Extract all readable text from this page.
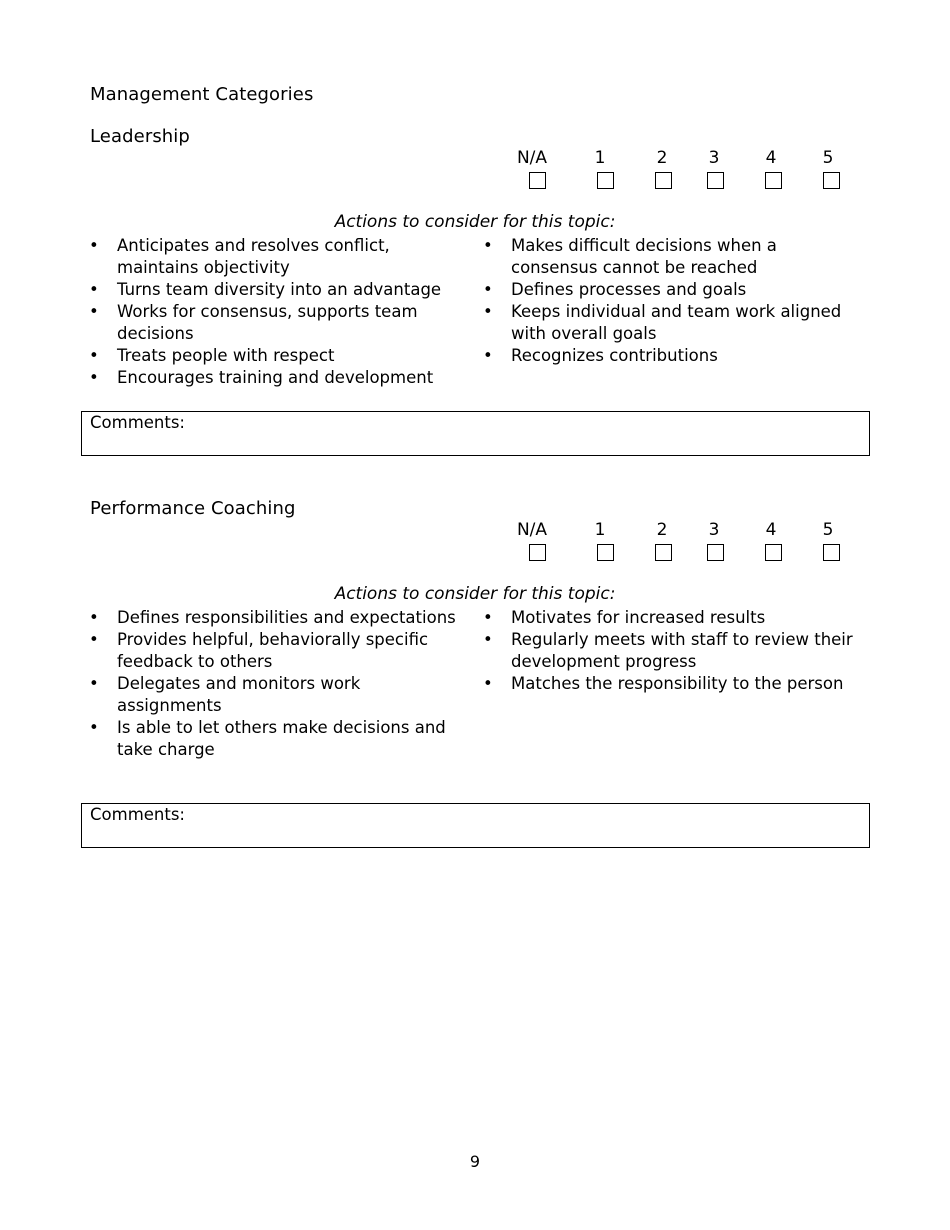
Management Categories
Leadership
N/A	1	2	3	4	5
Actions to consider for this topic:
• Anticipates and resolves conflict, maintains objectivity
• Turns team diversity into an advantage
• Works for consensus, supports team decisions
• Treats people with respect
• Encourages training and development
• Makes difficult decisions when a consensus cannot be reached
• Defines processes and goals
• Keeps individual and team work aligned with overall goals
• Recognizes contributions
Comments:
Performance Coaching
N/A	1	2	3	4	5
Actions to consider for this topic:
• Defines responsibilities and expectations
• Provides helpful, behaviorally specific feedback to others
• Delegates and monitors work assignments
• Is able to let others make decisions and take charge
• Motivates for increased results
• Regularly meets with staff to review their development progress
• Matches the responsibility to the person
Comments:
9
